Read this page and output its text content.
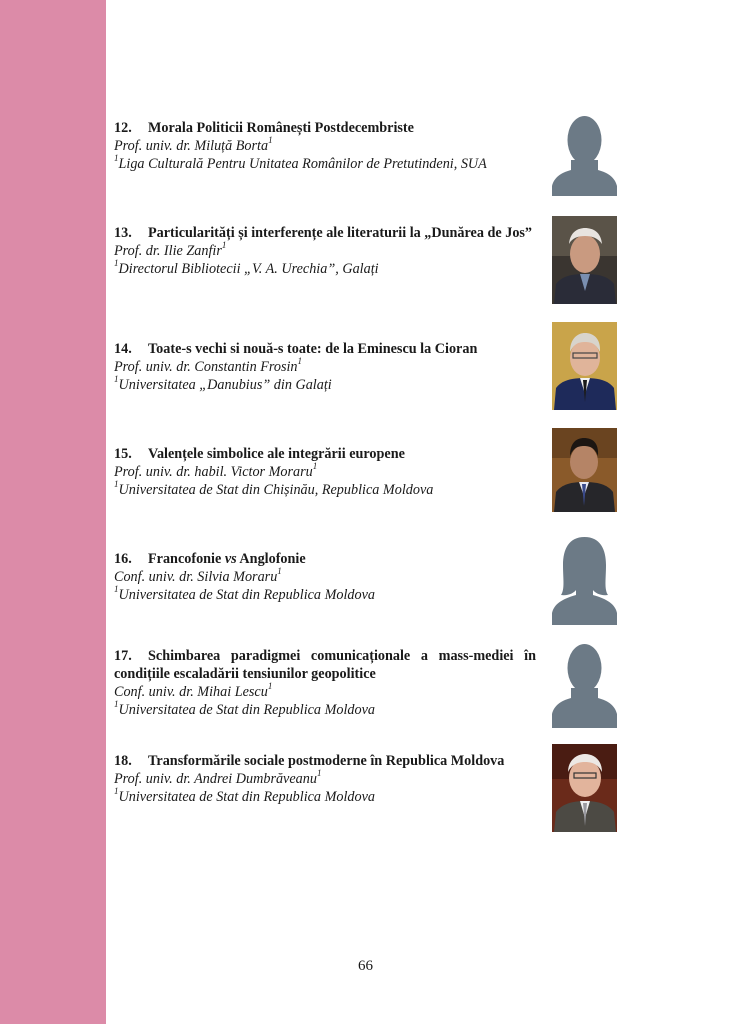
12. Morala Politicii Românești Postdecembriste
Prof. univ. dr. Miluță Borta$^1$
$^1$Liga Culturală Pentru Unitatea Românilor de Pretutindeni, SUA
13. Particularități și interferențe ale literaturii la „Dunărea de Jos”
Prof. dr. Ilie Zanfir$^1$
$^1$Directorul Bibliotecii „V. A. Urechia”, Galați
14. Toate-s vechi si nouă-s toate: de la Eminescu la Cioran
Prof. univ. dr. Constantin Frosin$^1$
$^1$Universitatea „Danubius” din Galați
15. Valențele simbolice ale integrării europene
Prof. univ. dr. habil. Victor Moraru$^1$
$^1$Universitatea de Stat din Chișinău, Republica Moldova
16. Francofonie vs Anglofonie
Conf. univ. dr. Silvia Moraru$^1$
$^1$Universitatea de Stat din Republica Moldova
17. Schimbarea paradigmei comunicaționale a mass-mediei în condițiile escaladării tensiunilor geopolitice
Conf. univ. dr. Mihai Lescu$^1$
$^1$Universitatea de Stat din Republica Moldova
18. Transformările sociale postmoderne în Republica Moldova
Prof. univ. dr. Andrei Dumbrăveanu$^1$
$^1$Universitatea de Stat din Republica Moldova
66
